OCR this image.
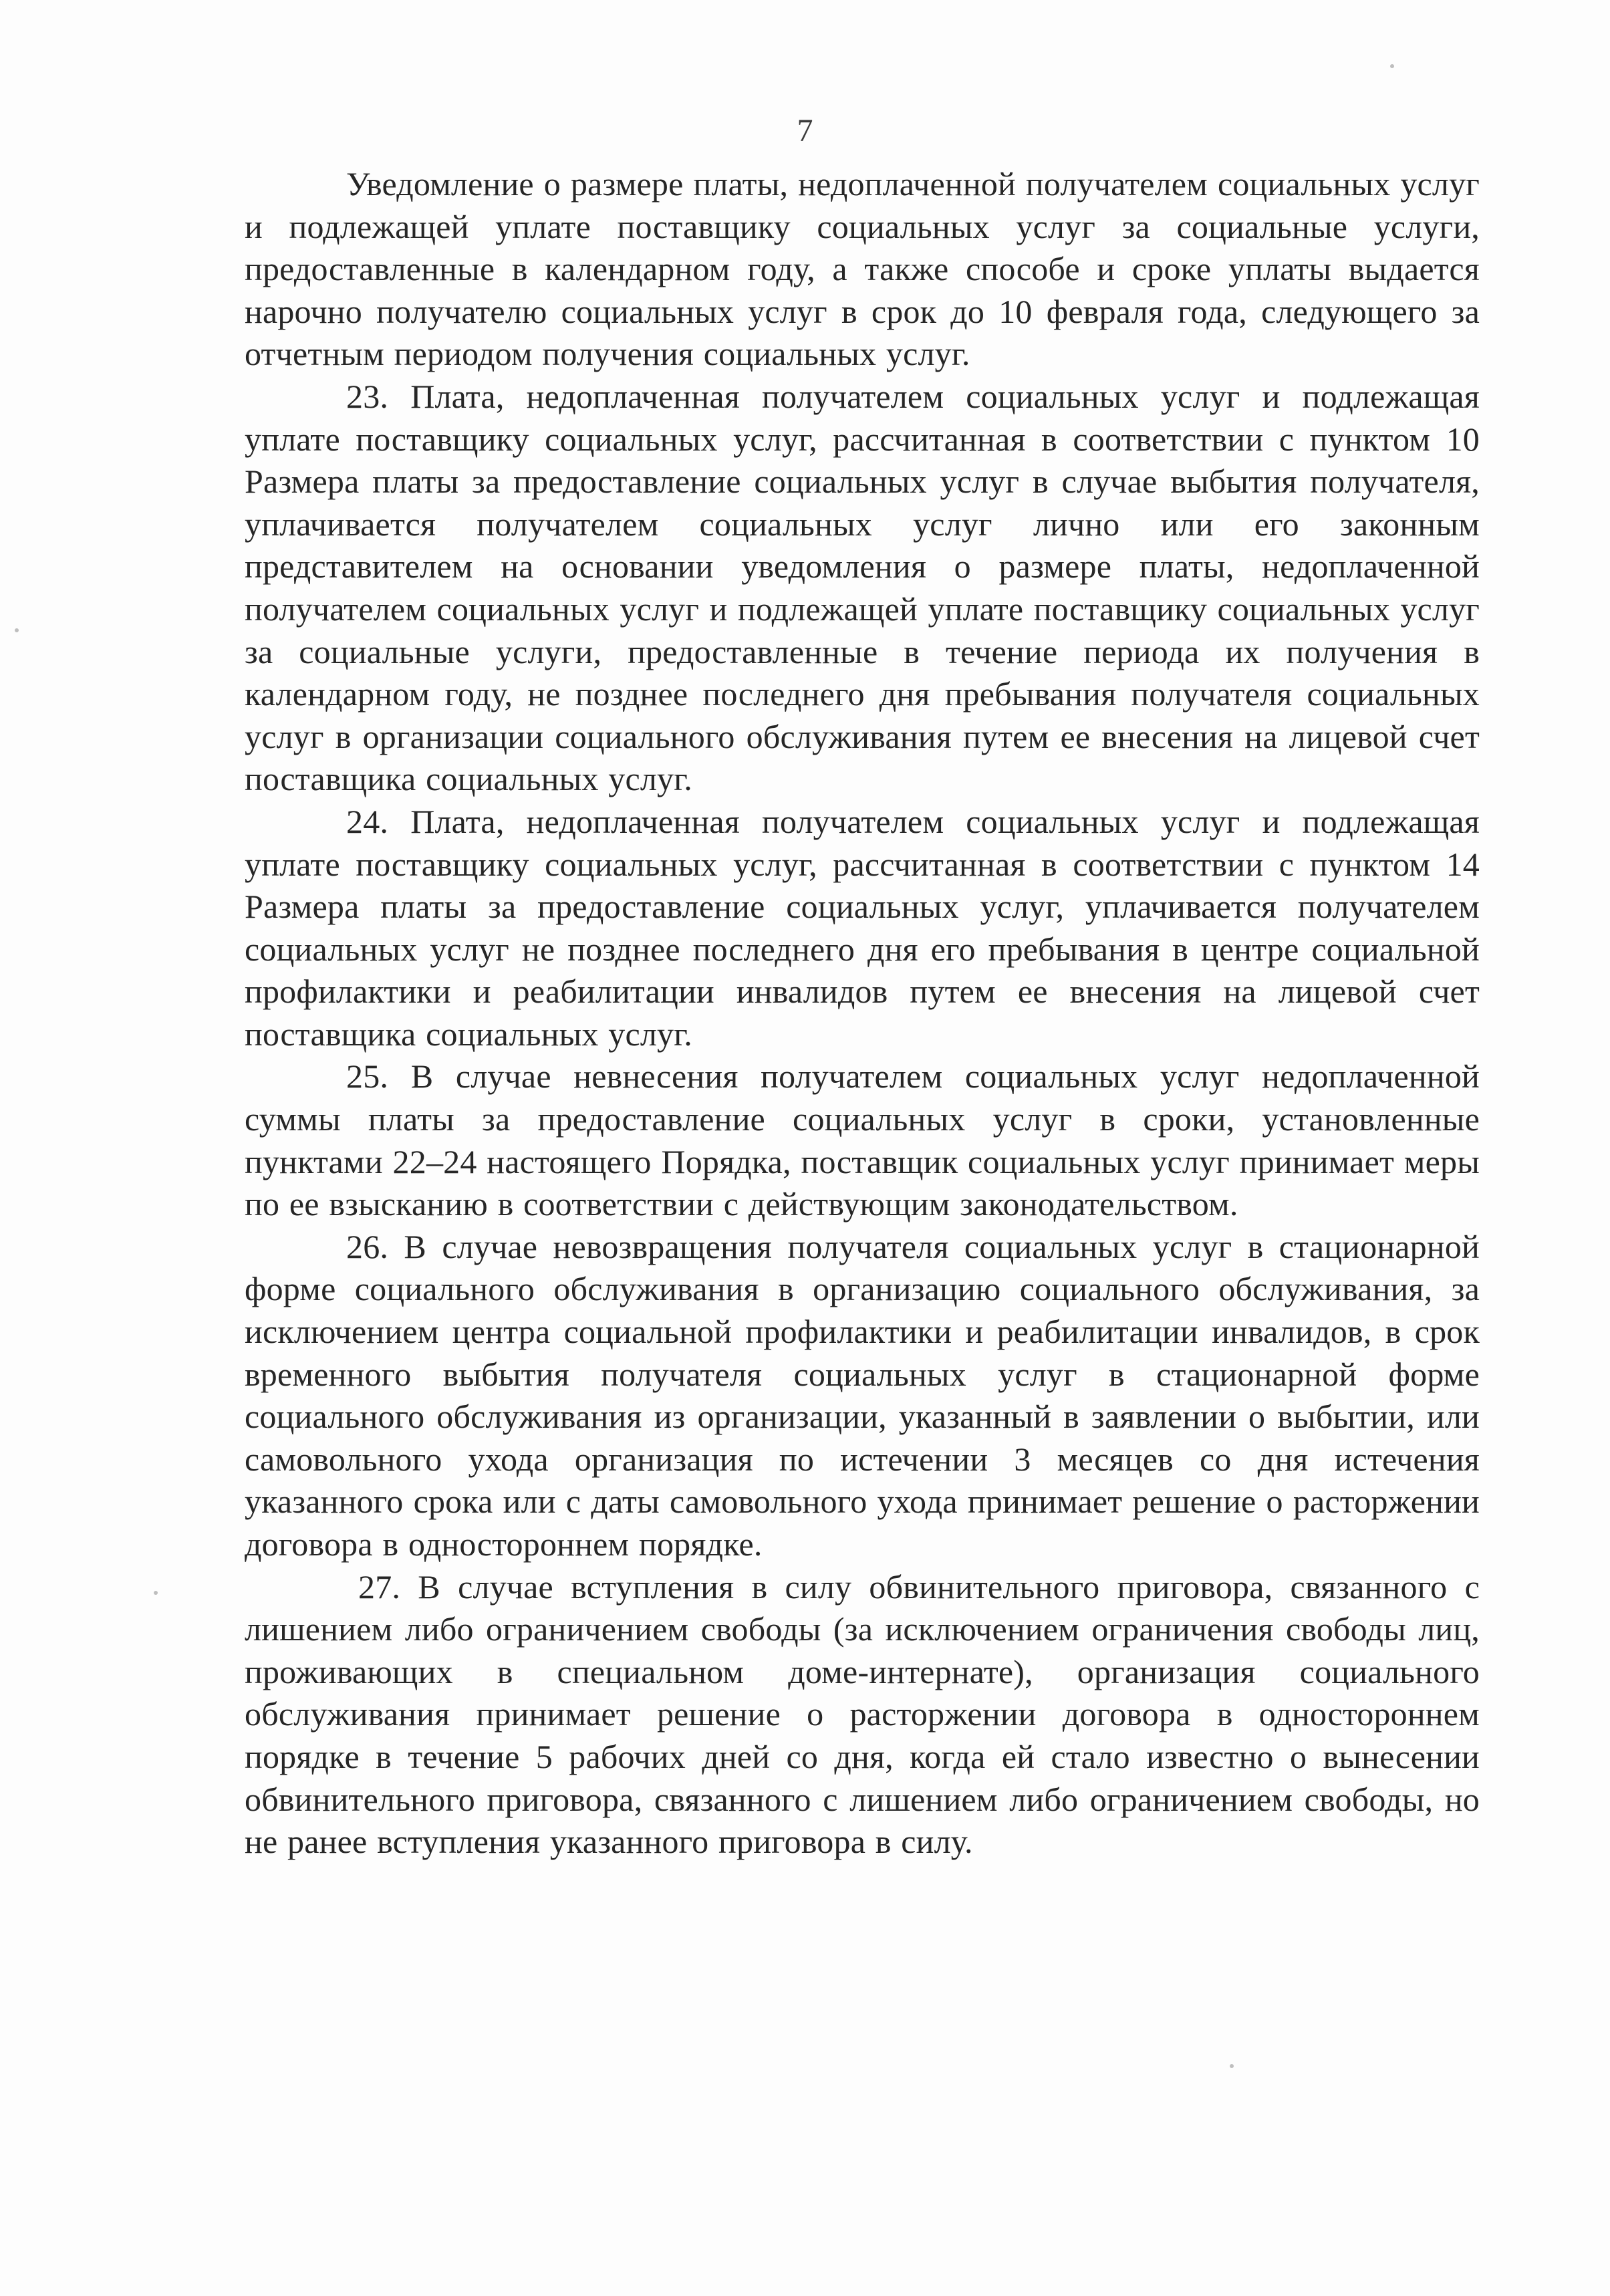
7

Уведомление о размере платы, недоплаченной получателем социальных услуг и подлежащей уплате поставщику социальных услуг за социальные услуги, предоставленные в календарном году, а также способе и сроке уплаты выдается нарочно получателю социальных услуг в срок до 10 февраля года, следующего за отчетным периодом получения социальных услуг.

23. Плата, недоплаченная получателем социальных услуг и подлежащая уплате поставщику социальных услуг, рассчитанная в соответствии с пунктом 10 Размера платы за предоставление социальных услуг в случае выбытия получателя, уплачивается получателем социальных услуг лично или его законным представителем на основании уведомления о размере платы, недоплаченной получателем социальных услуг и подлежащей уплате поставщику социальных услуг за социальные услуги, предоставленные в течение периода их получения в календарном году, не позднее последнего дня пребывания получателя социальных услуг в организации социального обслуживания путем ее внесения на лицевой счет поставщика социальных услуг.

24. Плата, недоплаченная получателем социальных услуг и подлежащая уплате поставщику социальных услуг, рассчитанная в соответствии с пунктом 14 Размера платы за предоставление социальных услуг, уплачивается получателем социальных услуг не позднее последнего дня его пребывания в центре социальной профилактики и реабилитации инвалидов путем ее внесения на лицевой счет поставщика социальных услуг.

25. В случае невнесения получателем социальных услуг недоплаченной суммы платы за предоставление социальных услуг в сроки, установленные пунктами 22–24 настоящего Порядка, поставщик социальных услуг принимает меры по ее взысканию в соответствии с действующим законодательством.

26. В случае невозвращения получателя социальных услуг в стационарной форме социального обслуживания в организацию социального обслуживания, за исключением центра социальной профилактики и реабилитации инвалидов, в срок временного выбытия получателя социальных услуг в стационарной форме социального обслуживания из организации, указанный в заявлении о выбытии, или самовольного ухода организация по истечении 3 месяцев со дня истечения указанного срока или с даты самовольного ухода принимает решение о расторжении договора в одностороннем порядке.

27. В случае вступления в силу обвинительного приговора, связанного с лишением либо ограничением свободы (за исключением ограничения свободы лиц, проживающих в специальном доме-интернате), организация социального обслуживания принимает решение о расторжении договора в одностороннем порядке в течение 5 рабочих дней со дня, когда ей стало известно о вынесении обвинительного приговора, связанного с лишением либо ограничением свободы, но не ранее вступления указанного приговора в силу.
